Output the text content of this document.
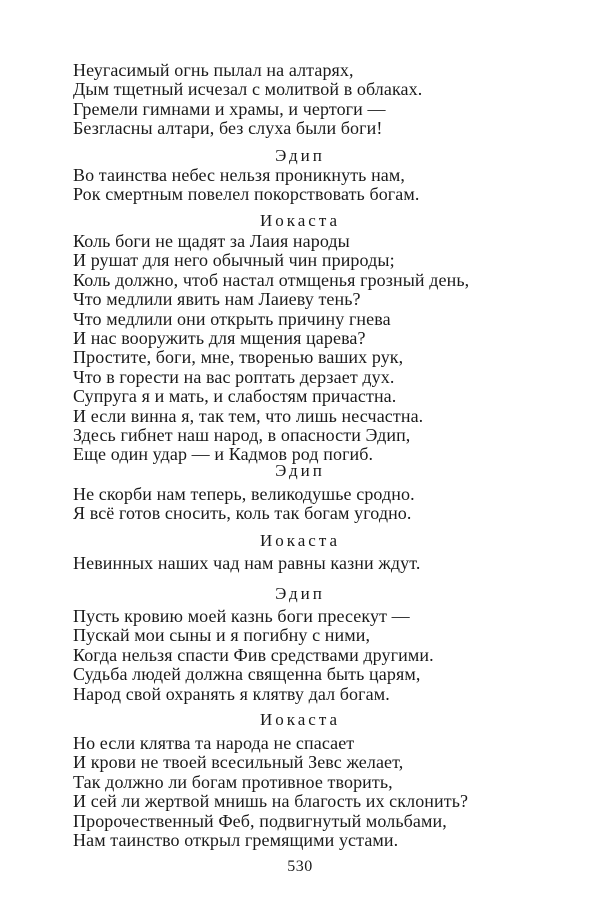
Неугасимый огнь пылал на алтарях,
Дым тщетный исчезал с молитвой в облаках.
Гремели гимнами и храмы, и чертоги —
Безгласны алтари, без слуха были боги!
Эдип
Во таинства небес нельзя проникнуть нам,
Рок смертным повелел покорствовать богам.
Иокаста
Коль боги не щадят за Лаия народы
И рушат для него обычный чин природы;
Коль должно, чтоб настал отмщенья грозный день,
Что медлили явить нам Лаиеву тень?
Что медлили они открыть причину гнева
И нас вооружить для мщения царева?
Простите, боги, мне, творенью ваших рук,
Что в горести на вас роптать дерзает дух.
Супруга я и мать, и слабостям причастна.
И если винна я, так тем, что лишь несчастна.
Здесь гибнет наш народ, в опасности Эдип,
Еще один удар — и Кадмов род погиб.
Эдип
Не скорби нам теперь, великодушье сродно.
Я всё готов сносить, коль так богам угодно.
Иокаста
Невинных наших чад нам равны казни ждут.
Эдип
Пусть кровию моей казнь боги пресекут —
Пускай мои сыны и я погибну с ними,
Когда нельзя спасти Фив средствами другими.
Судьба людей должна священна быть царям,
Народ свой охранять я клятву дал богам.
Иокаста
Но если клятва та народа не спасает
И крови не твоей всесильный Зевс желает,
Так должно ли богам противное творить,
И сей ли жертвой мнишь на благость их склонить?
Пророчественный Феб, подвигнутый мольбами,
Нам таинство открыл гремящими устами.
530
